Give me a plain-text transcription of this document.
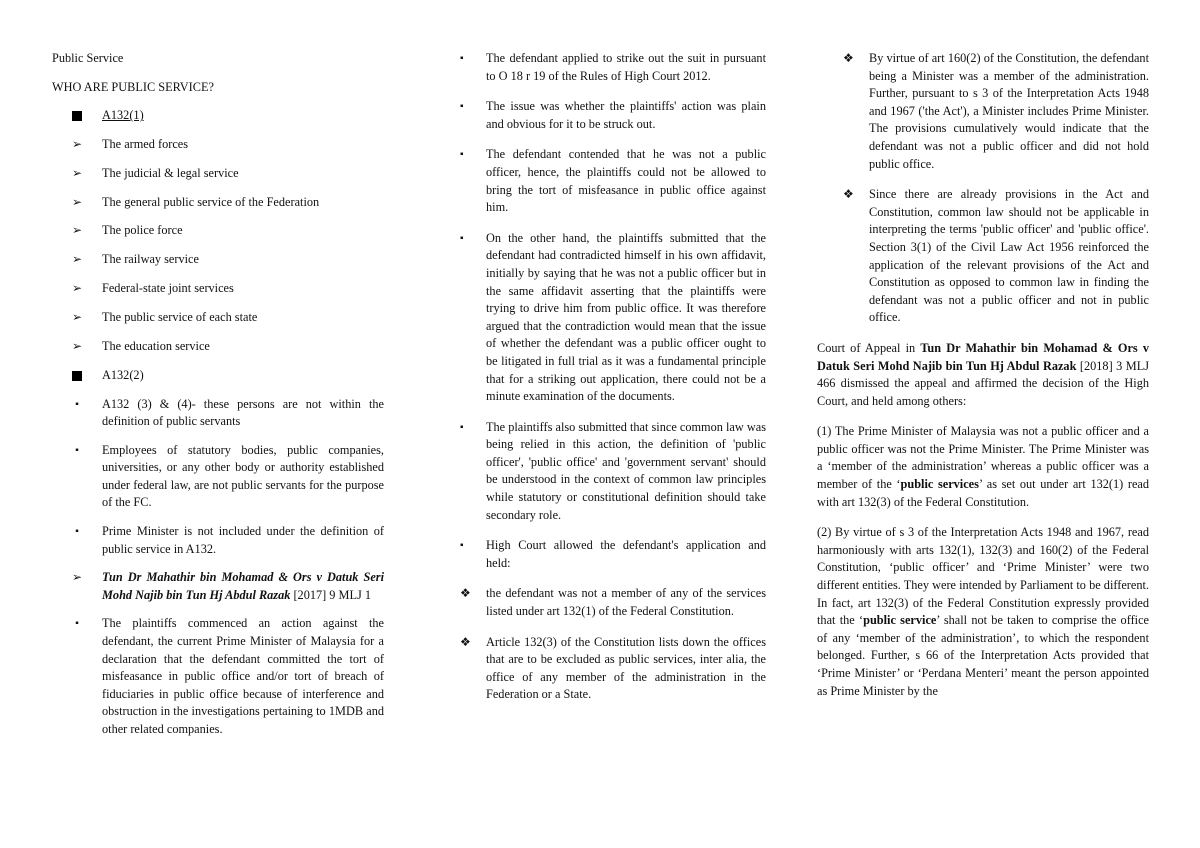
Public Service

WHO ARE PUBLIC SERVICE?

A132(1)
➢	The armed forces
➢	The judicial & legal service
➢	The general public service of the Federation
➢	The police force
➢	The railway service
➢	Federal-state joint services
➢	The public service of each state
➢	The education service
A132(2)
▪	A132 (3) & (4)- these persons are not within the definition of public servants
▪	Employees of statutory bodies, public companies, universities, or any other body or authority established under federal law, are not public servants for the purpose of the FC.
▪	Prime Minister is not included under the definition of public service in A132.
➢	Tun Dr Mahathir bin Mohamad & Ors v Datuk Seri Mohd Najib bin Tun Hj Abdul Razak [2017] 9 MLJ 1
▪	The plaintiffs commenced an action against the defendant, the current Prime Minister of Malaysia for a declaration that the defendant committed the tort of misfeasance in public office and/or tort of breach of fiduciaries in public office because of interference and obstruction in the investigations pertaining to 1MDB and other related companies.
▪	The defendant applied to strike out the suit in pursuant to O 18 r 19 of the Rules of High Court 2012.
▪	The issue was whether the plaintiffs' action was plain and obvious for it to be struck out.
▪	The defendant contended that he was not a public officer, hence, the plaintiffs could not be allowed to bring the tort of misfeasance in public office against him.
▪	On the other hand, the plaintiffs submitted that the defendant had contradicted himself in his own affidavit, initially by saying that he was not a public officer but in the same affidavit asserting that the plaintiffs were trying to drive him from public office. It was therefore argued that the contradiction would mean that the issue of whether the defendant was a public officer ought to be litigated in full trial as it was a fundamental principle that for a striking out application, there could not be a minute examination of the documents.
▪	The plaintiffs also submitted that since common law was being relied in this action, the definition of 'public officer', 'public office' and 'government servant' should be understood in the context of common law principles while statutory or constitutional definition should take secondary role.
▪	High Court allowed the defendant's application and held:
❖	the defendant was not a member of any of the services listed under art 132(1) of the Federal Constitution.
❖	Article 132(3) of the Constitution lists down the offices that are to be excluded as public services, inter alia, the office of any member of the administration in the Federation or a State.
❖	By virtue of art 160(2) of the Constitution, the defendant being a Minister was a member of the administration. Further, pursuant to s 3 of the Interpretation Acts 1948 and 1967 ('the Act'), a Minister includes Prime Minister. The provisions cumulatively would indicate that the defendant was not a public officer and did not hold public office.
❖	Since there are already provisions in the Act and Constitution, common law should not be applicable in interpreting the terms 'public officer' and 'public office'. Section 3(1) of the Civil Law Act 1956 reinforced the application of the relevant provisions of the Act and Constitution as opposed to common law in finding the defendant was not a public officer and not in public office.

Court of Appeal in Tun Dr Mahathir bin Mohamad & Ors v Datuk Seri Mohd Najib bin Tun Hj Abdul Razak [2018] 3 MLJ 466 dismissed the appeal and affirmed the decision of the High Court, and held among others:

(1) The Prime Minister of Malaysia was not a public officer and a public officer was not the Prime Minister. The Prime Minister was a ‘member of the administration’ whereas a public officer was a member of the ‘public services’ as set out under art 132(1) read with art 132(3) of the Federal Constitution.

(2) By virtue of s 3 of the Interpretation Acts 1948 and 1967, read harmoniously with arts 132(1), 132(3) and 160(2) of the Federal Constitution, ‘public officer’ and ‘Prime Minister’ were two different entities. They were intended by Parliament to be different. In fact, art 132(3) of the Federal Constitution expressly provided that the ‘public service’ shall not be taken to comprise the office of any ‘member of the administration’, to which the respondent belonged. Further, s 66 of the Interpretation Acts provided that ‘Prime Minister’ or ‘Perdana Menteri’ meant the person appointed as Prime Minister by the
